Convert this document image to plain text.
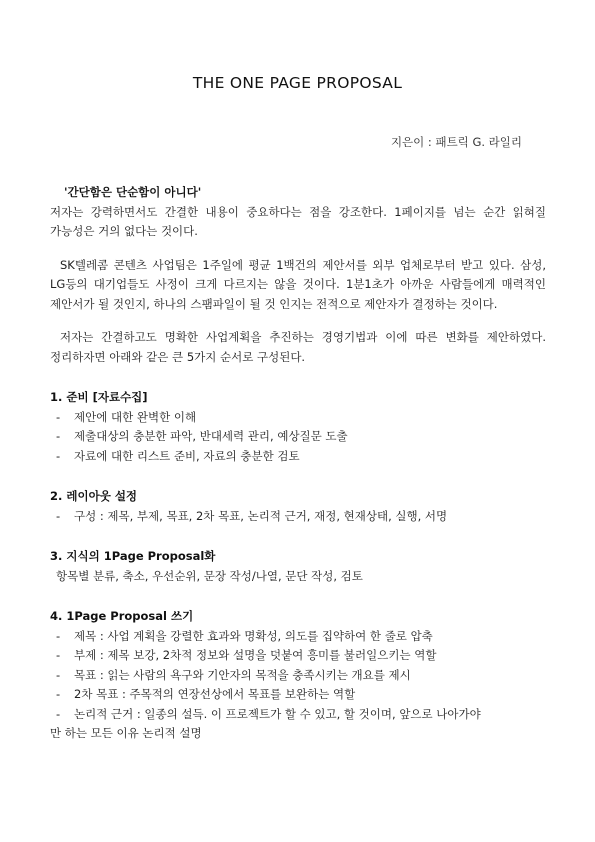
THE ONE PAGE PROPOSAL
지은이 : 패트릭 G. 라일리

'간단함은 단순함이 아니다'

저자는 강력하면서도 간결한 내용이 중요하다는 점을 강조한다. 1페이지를 넘는 순간 읽혀질 가능성은 거의 없다는 것이다.

SK텔레콤 콘텐츠 사업팀은 1주일에 평균 1백건의 제안서를 외부 업체로부터 받고 있다. 삼성, LG등의 대기업들도 사정이 크게 다르지는 않을 것이다. 1분1초가 아까운 사람들에게 매력적인 제안서가 될 것인지, 하나의 스팸파일이 될 것 인지는 전적으로 제안자가 결정하는 것이다.

저자는 간결하고도 명확한 사업계획을 추진하는 경영기법과 이에 따른 변화를 제안하였다. 정리하자면 아래와 같은 큰 5가지 순서로 구성된다.

1. 준비 [자료수집]

- 제안에 대한 완벽한 이해

- 제출대상의 충분한 파악, 반대세력 관리, 예상질문 도출

- 자료에 대한 리스트 준비, 자료의 충분한 검토

2. 레이아웃 설정

- 구성 : 제목, 부제, 목표, 2차 목표, 논리적 근거, 재정, 현재상태, 실행, 서명

3. 지식의 1Page Proposal화

항목별 분류, 축소, 우선순위, 문장 작성/나열, 문단 작성, 검토

4. 1Page Proposal 쓰기

- 제목 : 사업 계획을 강렬한 효과와 명확성, 의도를 집약하여 한 줄로 압축

- 부제 : 제목 보강, 2차적 정보와 설명을 덧붙여 흥미를 불러일으키는 역할

- 목표 : 읽는 사람의 욕구와 기안자의 목적을 충족시키는 개요를 제시

- 2차 목표 : 주목적의 연장선상에서 목표를 보완하는 역할

- 논리적 근거 : 일종의 설득. 이 프로젝트가 할 수 있고, 할 것이며, 앞으로 나아가야

만 하는 모든 이유 논리적 설명
